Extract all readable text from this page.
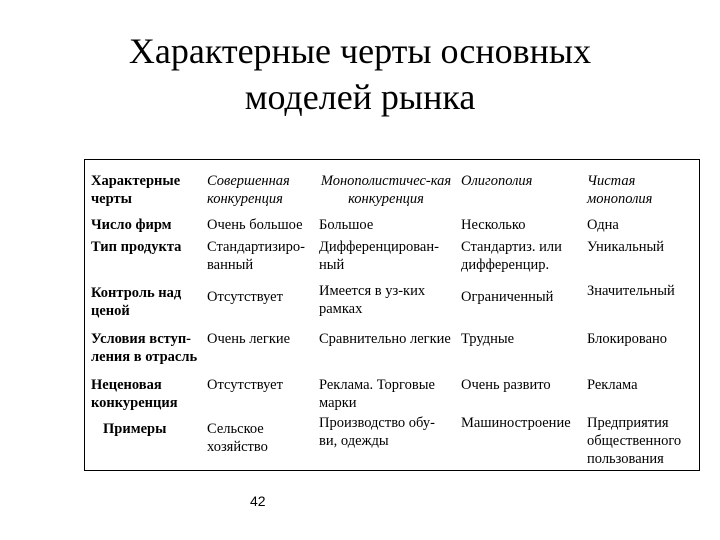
Характерные черты основных
моделей рынка
Характерные черты	Совершенная конкуренция	Монополистичес-кая конкуренция	Олигополия	Чистая монополия
Число фирм	Очень большое	Большое	Несколько	Одна
Тип продукта	Стандартизиро-ванный	Дифференцирован-ный	Стандартиз. или дифференцир.	Уникальный
Контроль над ценой	Отсутствует	Имеется в уз-ких рамках	Ограниченный	Значительный
Условия вступ-ления в отрасль	Очень легкие	Сравнительно легкие	Трудные	Блокировано
Неценовая конкуренция	Отсутствует	Реклама. Торговые марки	Очень развито	Реклама
Примеры	Сельское хозяйство	Производство обу-ви, одежды	Машиностроение	Предприятия общественного пользования
42
